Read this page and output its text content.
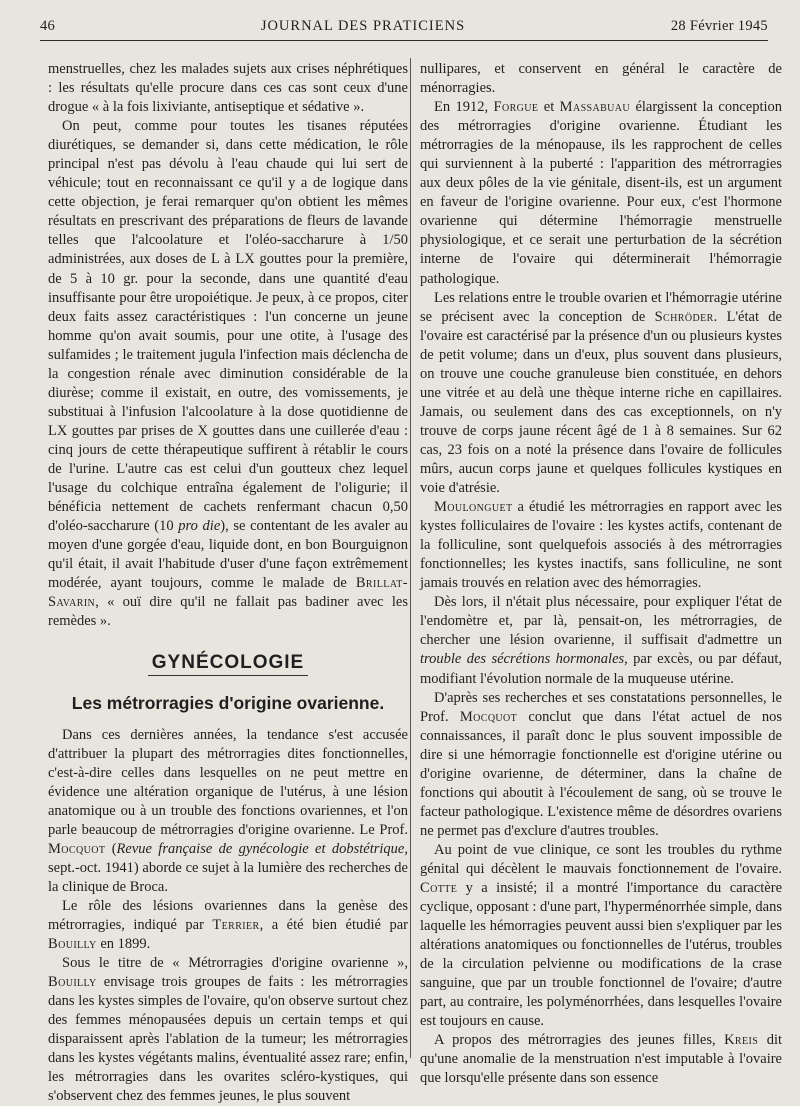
46	JOURNAL DES PRATICIENS	28 Février 1945

menstruelles, chez les malades sujets aux crises néphrétiques : les résultats qu'elle procure dans ces cas sont ceux d'une drogue « à la fois lixiviante, antiseptique et sédative ».

On peut, comme pour toutes les tisanes réputées diurétiques, se demander si, dans cette médication, le rôle principal n'est pas dévolu à l'eau chaude qui lui sert de véhicule; tout en reconnaissant ce qu'il y a de logique dans cette objection, je ferai remarquer qu'on obtient les mêmes résultats en prescrivant des préparations de fleurs de lavande telles que l'alcoolature et l'oléo-saccharure à 1/50 administrées, aux doses de L à LX gouttes pour la première, de 5 à 10 gr. pour la seconde, dans une quantité d'eau insuffisante pour être uropoiétique. Je peux, à ce propos, citer deux faits assez caractéristiques : l'un concerne un jeune homme qu'on avait soumis, pour une otite, à l'usage des sulfamides ; le traitement jugula l'infection mais déclencha de la congestion rénale avec diminution considérable de la diurèse; comme il existait, en outre, des vomissements, je substituai à l'infusion l'alcoolature à la dose quotidienne de LX gouttes par prises de X gouttes dans une cuillerée d'eau : cinq jours de cette thérapeutique suffirent à rétablir le cours de l'urine. L'autre cas est celui d'un goutteux chez lequel l'usage du colchique entraîna également de l'oligurie; il bénéficia nettement de cachets renfermant chacun 0,50 d'oléo-saccharure (10 pro die), se contentant de les avaler au moyen d'une gorgée d'eau, liquide dont, en bon Bourguignon qu'il était, il avait l'habitude d'user d'une façon extrêmement modérée, ayant toujours, comme le malade de Brillat-Savarin, « ouï dire qu'il ne fallait pas badiner avec les remèdes ».

GYNÉCOLOGIE
Les métrorragies d'origine ovarienne.

Dans ces dernières années, la tendance s'est accusée d'attribuer la plupart des métrorragies dites fonctionnelles, c'est-à-dire celles dans lesquelles on ne peut mettre en évidence une altération organique de l'utérus, à une lésion anatomique ou à un trouble des fonctions ovariennes, et l'on parle beaucoup de métrorragies d'origine ovarienne. Le Prof. Mocquot (Revue française de gynécologie et dobstétrique, sept.-oct. 1941) aborde ce sujet à la lumière des recherches de la clinique de Broca.

Le rôle des lésions ovariennes dans la genèse des métrorragies, indiqué par Terrier, a été bien étudié par Bouilly en 1899.

Sous le titre de « Métrorragies d'origine ovarienne », Bouilly envisage trois groupes de faits : les métrorragies dans les kystes simples de l'ovaire, qu'on observe surtout chez des femmes ménopausées depuis un certain temps et qui disparaissent après l'ablation de la tumeur; les métrorragies dans les kystes végétants malins, éventualité assez rare; enfin, les métrorragies dans les ovarites scléro-kystiques, qui s'observent chez des femmes jeunes, le plus souvent

nullipares, et conservent en général le caractère de ménorragies.

En 1912, Forgue et Massabuau élargissent la conception des métrorragies d'origine ovarienne. Étudiant les métrorragies de la ménopause, ils les rapprochent de celles qui surviennent à la puberté : l'apparition des métrorragies aux deux pôles de la vie génitale, disent-ils, est un argument en faveur de l'origine ovarienne. Pour eux, c'est l'hormone ovarienne qui détermine l'hémorragie menstruelle physiologique, et ce serait une perturbation de la sécrétion interne de l'ovaire qui déterminerait l'hémorragie pathologique.

Les relations entre le trouble ovarien et l'hémorragie utérine se précisent avec la conception de Schröder. L'état de l'ovaire est caractérisé par la présence d'un ou plusieurs kystes de petit volume; dans un d'eux, plus souvent dans plusieurs, on trouve une couche granuleuse bien constituée, en dehors une vitrée et au delà une thèque interne riche en capillaires. Jamais, ou seulement dans des cas exceptionnels, on n'y trouve de corps jaune récent âgé de 1 à 8 semaines. Sur 62 cas, 23 fois on a noté la présence dans l'ovaire de follicules mûrs, aucun corps jaune et quelques follicules kystiques en voie d'atrésie.

Moulonguet a étudié les métrorragies en rapport avec les kystes folliculaires de l'ovaire : les kystes actifs, contenant de la folliculine, sont quelquefois associés à des métrorragies fonctionnelles; les kystes inactifs, sans folliculine, ne sont jamais trouvés en relation avec des hémorragies.

Dès lors, il n'était plus nécessaire, pour expliquer l'état de l'endomètre et, par là, pensait-on, les métrorragies, de chercher une lésion ovarienne, il suffisait d'admettre un trouble des sécrétions hormonales, par excès, ou par défaut, modifiant l'évolution normale de la muqueuse utérine.

D'après ses recherches et ses constatations personnelles, le Prof. Mocquot conclut que dans l'état actuel de nos connaissances, il paraît donc le plus souvent impossible de dire si une hémorragie fonctionnelle est d'origine utérine ou d'origine ovarienne, de déterminer, dans la chaîne de fonctions qui aboutit à l'écoulement de sang, où se trouve le facteur pathologique. L'existence même de désordres ovariens ne permet pas d'exclure d'autres troubles.

Au point de vue clinique, ce sont les troubles du rythme génital qui décèlent le mauvais fonctionnement de l'ovaire. Cotte y a insisté; il a montré l'importance du caractère cyclique, opposant : d'une part, l'hyperménorrhée simple, dans laquelle les hémorragies peuvent aussi bien s'expliquer par les altérations anatomiques ou fonctionnelles de l'utérus, troubles de la circulation pelvienne ou modifications de la crase sanguine, que par un trouble fonctionnel de l'ovaire; d'autre part, au contraire, les polyménorrhées, dans lesquelles l'ovaire est toujours en cause.

A propos des métrorragies des jeunes filles, Kreis dit qu'une anomalie de la menstruation n'est imputable à l'ovaire que lorsqu'elle présente dans son essence
